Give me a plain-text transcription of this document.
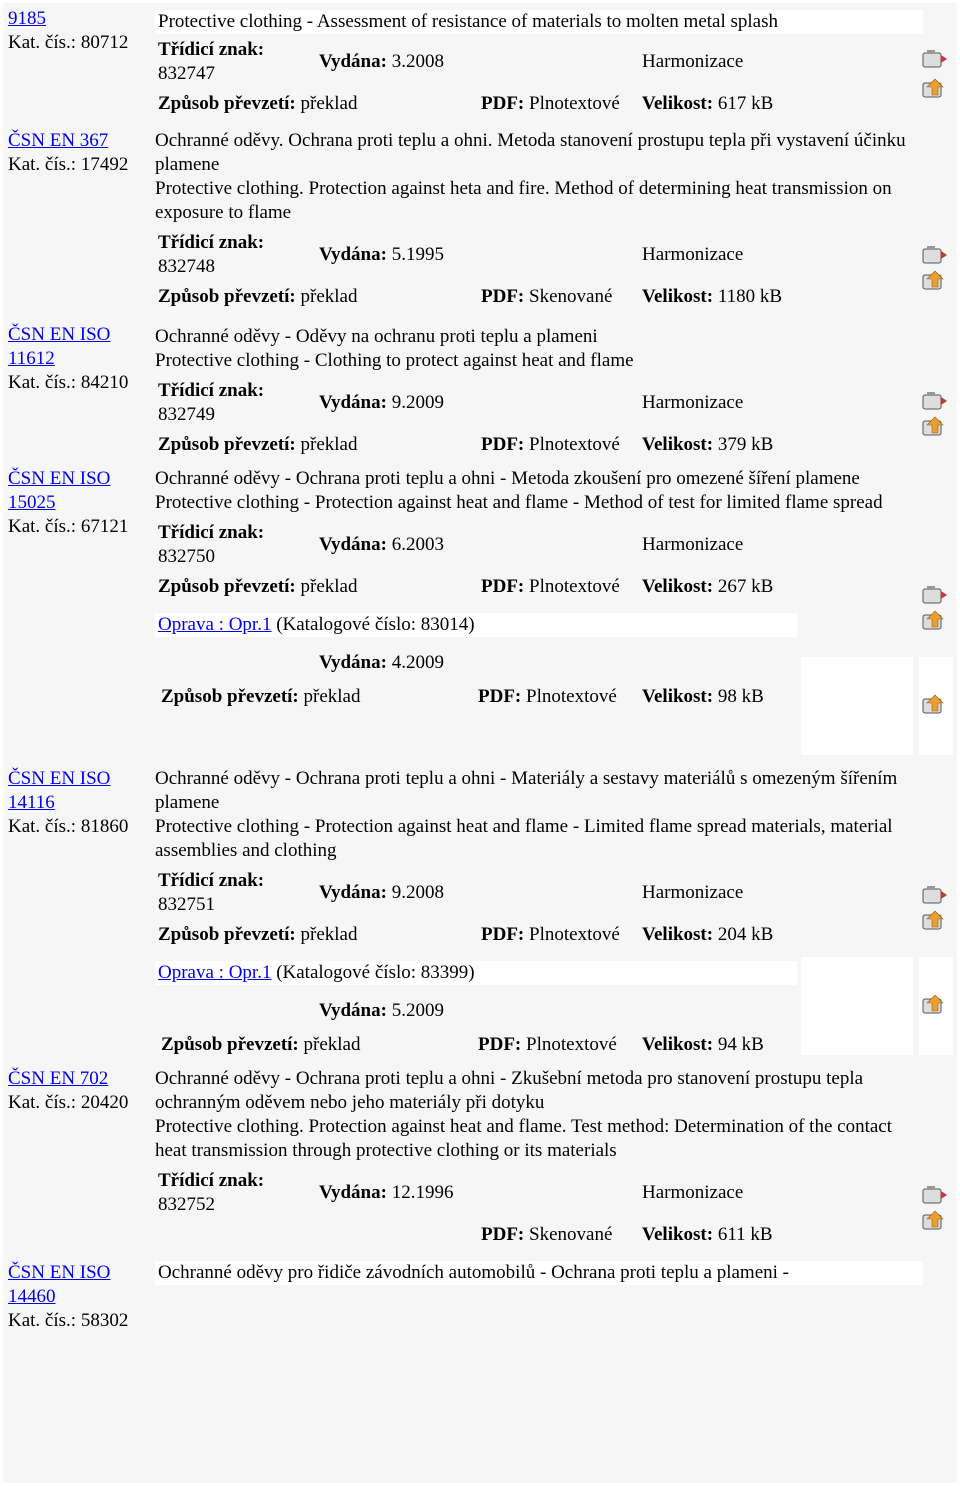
9185
Kat. čís.: 80712
Protective clothing - Assessment of resistance of materials to molten metal splash
Třídicí znak:
832747
Vydána: 3.2008	Harmonizace
Způsob převzetí: překlad	PDF: Plnotextové Velikost: 617 kB
ČSN EN 367
Kat. čís.: 17492
Ochranné oděvy. Ochrana proti teplu a ohni. Metoda stanovení prostupu tepla při vystavení účinku plamene
Protective clothing. Protection against heta and fire. Method of determining heat transmission on exposure to flame
Třídicí znak:
832748
Vydána: 5.1995	Harmonizace
Způsob převzetí: překlad	PDF: Skenované Velikost: 1180 kB
ČSN EN ISO
11612
Kat. čís.: 84210
Ochranné oděvy - Oděvy na ochranu proti teplu a plameni
Protective clothing - Clothing to protect against heat and flame
Třídicí znak:
832749
Vydána: 9.2009	Harmonizace
Způsob převzetí: překlad	PDF: Plnotextové Velikost: 379 kB
ČSN EN ISO
15025
Kat. čís.: 67121
Ochranné oděvy - Ochrana proti teplu a ohni - Metoda zkoušení pro omezené šíření plamene
Protective clothing - Protection against heat and flame - Method of test for limited flame spread
Třídicí znak:
832750
Vydána: 6.2003	Harmonizace
Způsob převzetí: překlad	PDF: Plnotextové Velikost: 267 kB
Oprava : Opr.1 (Katalogové číslo: 83014)
Vydána: 4.2009
Způsob převzetí: překlad	PDF: Plnotextové Velikost: 98 kB
ČSN EN ISO
14116
Kat. čís.: 81860
Ochranné oděvy - Ochrana proti teplu a ohni - Materiály a sestavy materiálů s omezeným šířením plamene
Protective clothing - Protection against heat and flame - Limited flame spread materials, material assemblies and clothing
Třídicí znak:
832751
Vydána: 9.2008	Harmonizace
Způsob převzetí: překlad	PDF: Plnotextové Velikost: 204 kB
Oprava : Opr.1 (Katalogové číslo: 83399)
Vydána: 5.2009
Způsob převzetí: překlad	PDF: Plnotextové Velikost: 94 kB
ČSN EN 702
Kat. čís.: 20420
Ochranné oděvy - Ochrana proti teplu a ohni - Zkušební metoda pro stanovení prostupu tepla ochranným oděvem nebo jeho materiály při dotyku
Protective clothing. Protection against heat and flame. Test method: Determination of the contact heat transmission through protective clothing or its materials
Třídicí znak:
832752
Vydána: 12.1996	Harmonizace
PDF: Skenované Velikost: 611 kB
ČSN EN ISO
14460
Kat. čís.: 58302
Ochranné oděvy pro řidiče závodních automobilů - Ochrana proti teplu a plameni -
